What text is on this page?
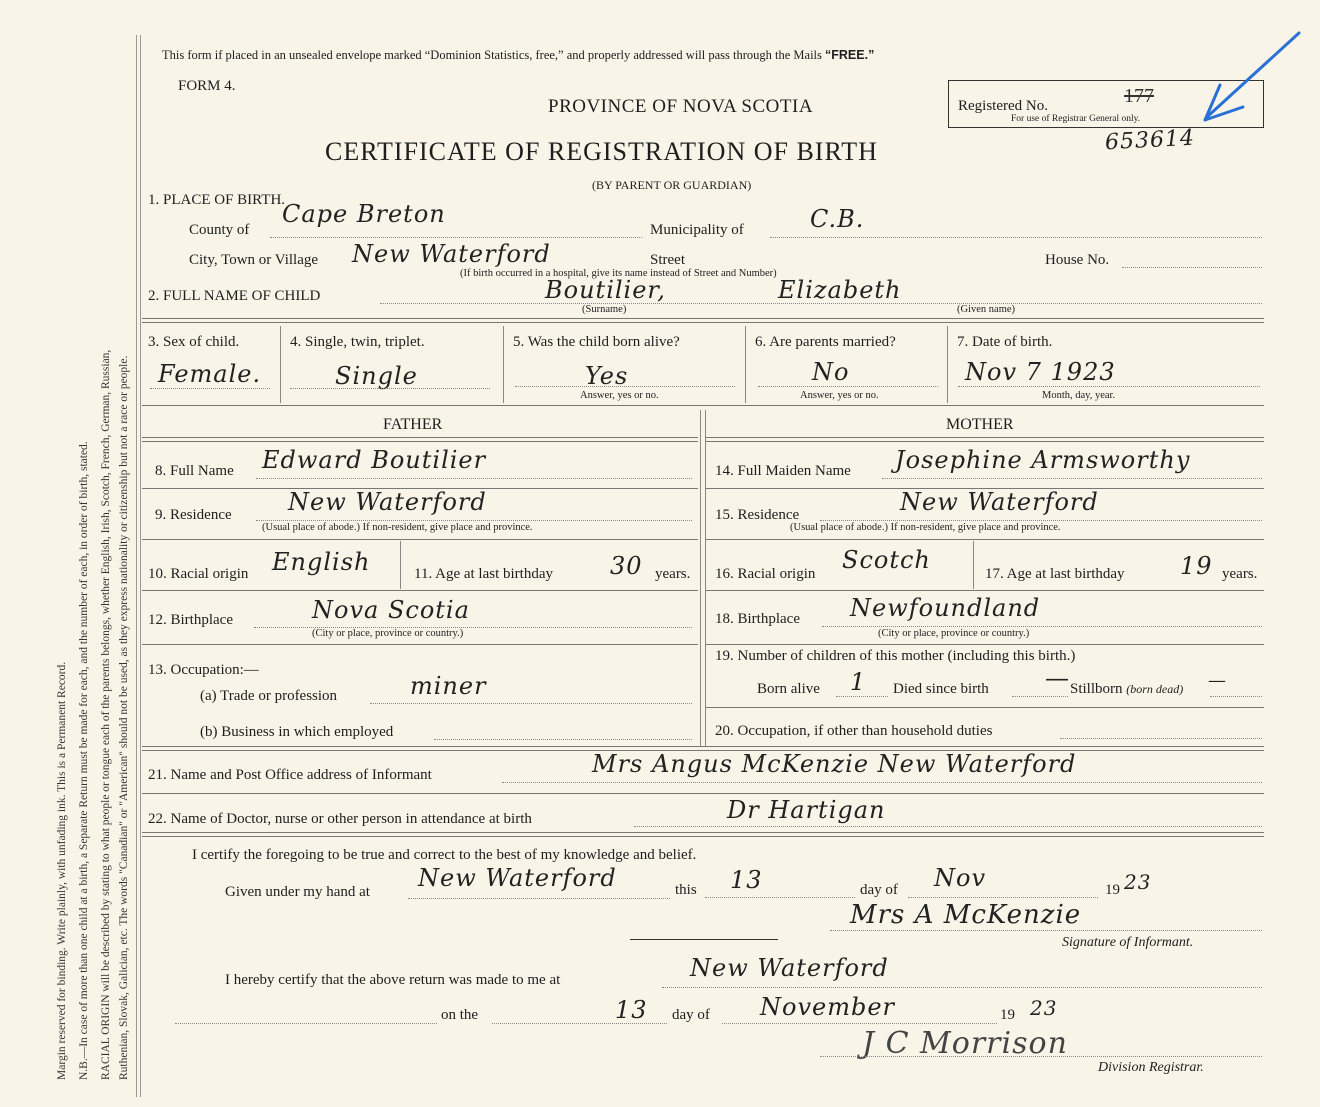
Margin reserved for binding. Write plainly, with unfading ink. This is a Permanent Record. N.B.—In case of more than one child at a birth, a Separate Return must be made for each, and the number of each, in order of birth, stated. RACIAL ORIGIN will be described by stating to what people or tongue each of the parents belongs, whether English, Irish, Scotch, French, German, Russian, Ruthenian, Slovak, Galician, etc. The words "Canadian" or "American" should not be used, as they express nationality or citizenship but not a race or people.
This form if placed in an unsealed envelope marked “Dominion Statistics, free,” and properly addressed will pass through the Mails “FREE.”
FORM 4.
PROVINCE OF NOVA SCOTIA
CERTIFICATE OF REGISTRATION OF BIRTH
(BY PARENT OR GUARDIAN)
Registered No.	177
For use of Registrar General only.
653614
1. PLACE OF BIRTH.
County of
Cape Breton
Municipality of	C.B.
City, Town or Village New Waterford	Street	House No.
(If birth occurred in a hospital, give its name instead of Street and Number)
2. FULL NAME OF CHILD	Boutilier,	Elizabeth
(Surname)	(Given name)
3. Sex of child.
Female.
4. Single, twin, triplet.
Single
5. Was the child born alive?
Yes
Answer, yes or no.
6. Are parents married?
No
Answer, yes or no.
7. Date of birth.
Nov 7 1923
Month, day, year.
FATHER	MOTHER
8. Full Name Edward Boutilier
9. Residence New Waterford
(Usual place of abode.) If non-resident, give place and province.
10. Racial origin English	11. Age at last birthday 30 years.
12. Birthplace	Nova Scotia
(City or place, province or country.)
13. Occupation:—
(a) Trade or profession	miner
(b) Business in which employed
14. Full Maiden Name Josephine Armsworthy
15. Residence	New Waterford
(Usual place of abode.) If non-resident, give place and province.
16. Racial origin Scotch	17. Age at last birthday 19 years.
18. Birthplace Newfoundland
(City or place, province or country.)
19. Number of children of this mother (including this birth.)
Born alive 1 Died since birth — Stillborn (born dead) —
20. Occupation, if other than household duties
21. Name and Post Office address of Informant	Mrs Angus McKenzie New Waterford
22. Name of Doctor, nurse or other person in attendance at birth	Dr Hartigan
I certify the foregoing to be true and correct to the best of my knowledge and belief.
Given under my hand at New Waterford	this 13	day of Nov	19 23
Mrs A McKenzie
Signature of Informant.
I hereby certify that the above return was made to me at	New Waterford
on the	13 day of November	19 23
J C Morrison
Division Registrar.
